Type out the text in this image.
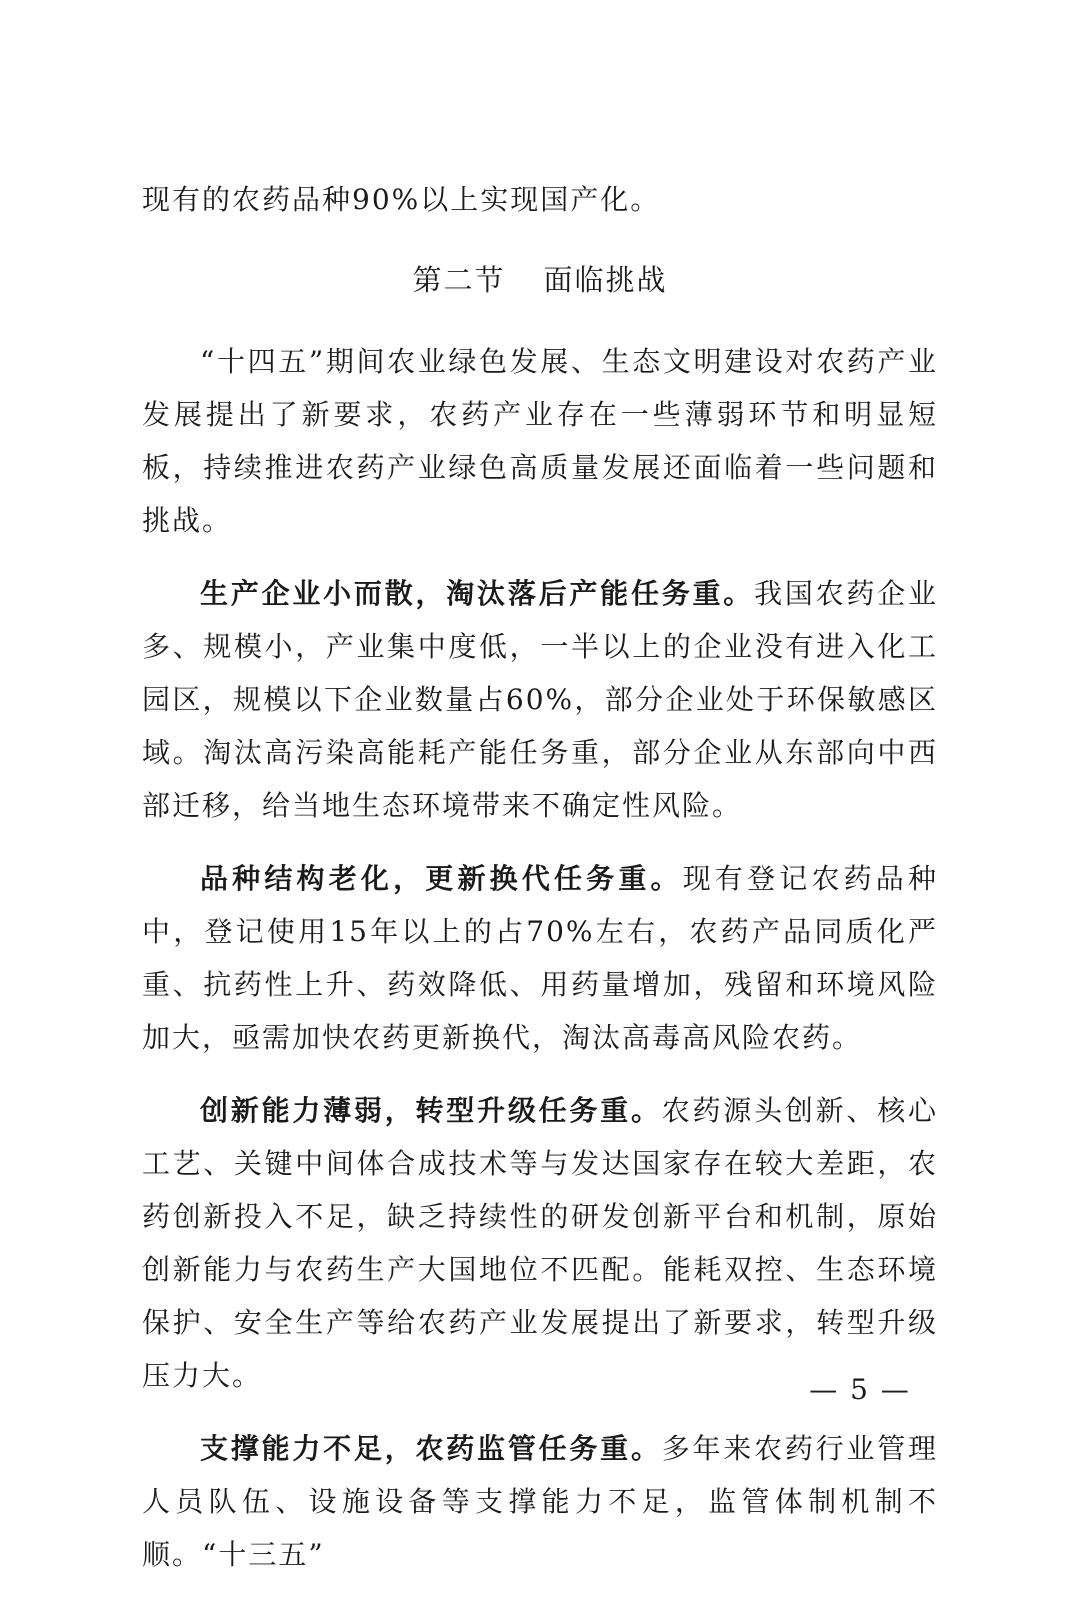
现有的农药品种90%以上实现国产化。

第二节 面临挑战

“十四五”期间农业绿色发展、生态文明建设对农药产业发展提出了新要求，农药产业存在一些薄弱环节和明显短板，持续推进农药产业绿色高质量发展还面临着一些问题和挑战。

生产企业小而散，淘汰落后产能任务重。我国农药企业多、规模小，产业集中度低，一半以上的企业没有进入化工园区，规模以下企业数量占60%，部分企业处于环保敏感区域。淘汰高污染高能耗产能任务重，部分企业从东部向中西部迁移，给当地生态环境带来不确定性风险。

品种结构老化，更新换代任务重。现有登记农药品种中，登记使用15年以上的占70%左右，农药产品同质化严重、抗药性上升、药效降低、用药量增加，残留和环境风险加大，亟需加快农药更新换代，淘汰高毒高风险农药。

创新能力薄弱，转型升级任务重。农药源头创新、核心工艺、关键中间体合成技术等与发达国家存在较大差距，农药创新投入不足，缺乏持续性的研发创新平台和机制，原始创新能力与农药生产大国地位不匹配。能耗双控、生态环境保护、安全生产等给农药产业发展提出了新要求，转型升级压力大。

支撑能力不足，农药监管任务重。多年来农药行业管理人员队伍、设施设备等支撑能力不足，监管体制机制不顺。“十三五”

— 5 —
